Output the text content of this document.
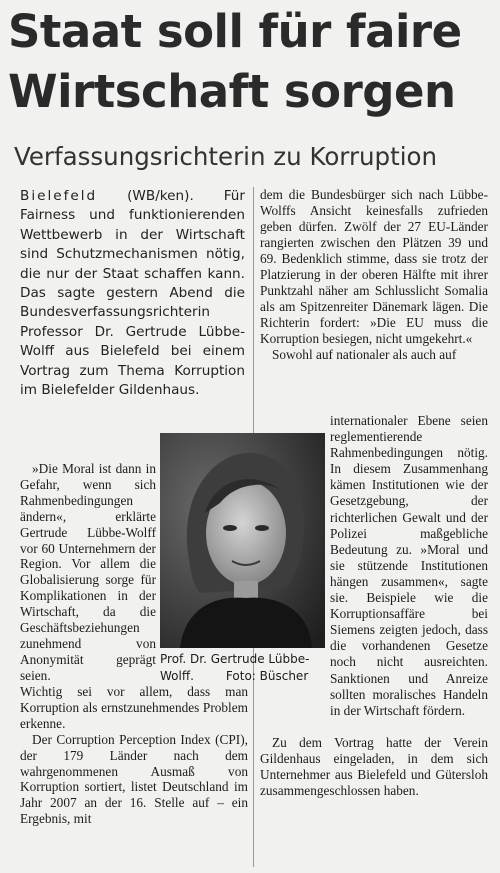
Staat soll für faire Wirtschaft sorgen
Verfassungsrichterin zu Korruption
Bielefeld (WB/ken). Für Fairness und funktionierenden Wettbewerb in der Wirtschaft sind Schutzmechanismen nötig, die nur der Staat schaffen kann. Das sagte gestern Abend die Bundesverfassungsrichterin Professor Dr. Gertrude Lübbe-Wolff aus Bielefeld bei einem Vortrag zum Thema Korruption im Bielefelder Gildenhaus.

»Die Moral ist dann in Gefahr, wenn sich Rahmenbedingungen ändern«, erklärte Gertrude Lübbe-Wolff vor 60 Unternehmern der Region. Vor allem die Globalisierung sorge für Komplikationen in der Wirtschaft, da die Geschäftsbeziehungen zunehmend von Anonymität geprägt seien.

Wichtig sei vor allem, dass man Korruption als ernstzunehmendes Problem erkenne.

Der Corruption Perception Index (CPI), der 179 Länder nach dem wahrgenommenen Ausmaß von Korruption sortiert, listet Deutschland im Jahr 2007 an der 16. Stelle auf – ein Ergebnis, mit

dem die Bundesbürger sich nach Lübbe-Wolffs Ansicht keinesfalls zufrieden geben dürfen. Zwölf der 27 EU-Länder rangierten zwischen den Plätzen 39 und 69. Bedenklich stimme, dass sie trotz der Platzierung in der oberen Hälfte mit ihrer Punktzahl näher am Schlusslicht Somalia als am Spitzenreiter Dänemark lägen. Die Richterin fordert: »Die EU muss die Korruption besiegen, nicht umgekehrt.«

Sowohl auf nationaler als auch auf

internationaler Ebene seien reglementierende Rahmenbedingungen nötig. In diesem Zusammenhang kämen Institutionen wie der Gesetzgebung, der richterlichen Gewalt und der Polizei maßgebliche Bedeutung zu. »Moral und sie stützende Institutionen hängen zusammen«, sagte sie. Beispiele wie die Korruptionsaffäre bei Siemens zeigten jedoch, dass die vorhandenen Gesetze noch nicht ausreichten. Sanktionen und Anreize sollten moralisches Handeln in der Wirtschaft fördern.

Zu dem Vortrag hatte der Verein Gildenhaus eingeladen, in dem sich Unternehmer aus Bielefeld und Gütersloh zusammengeschlossen haben.

Prof. Dr. Gertrude Lübbe-Wolff.	Foto: Büscher
